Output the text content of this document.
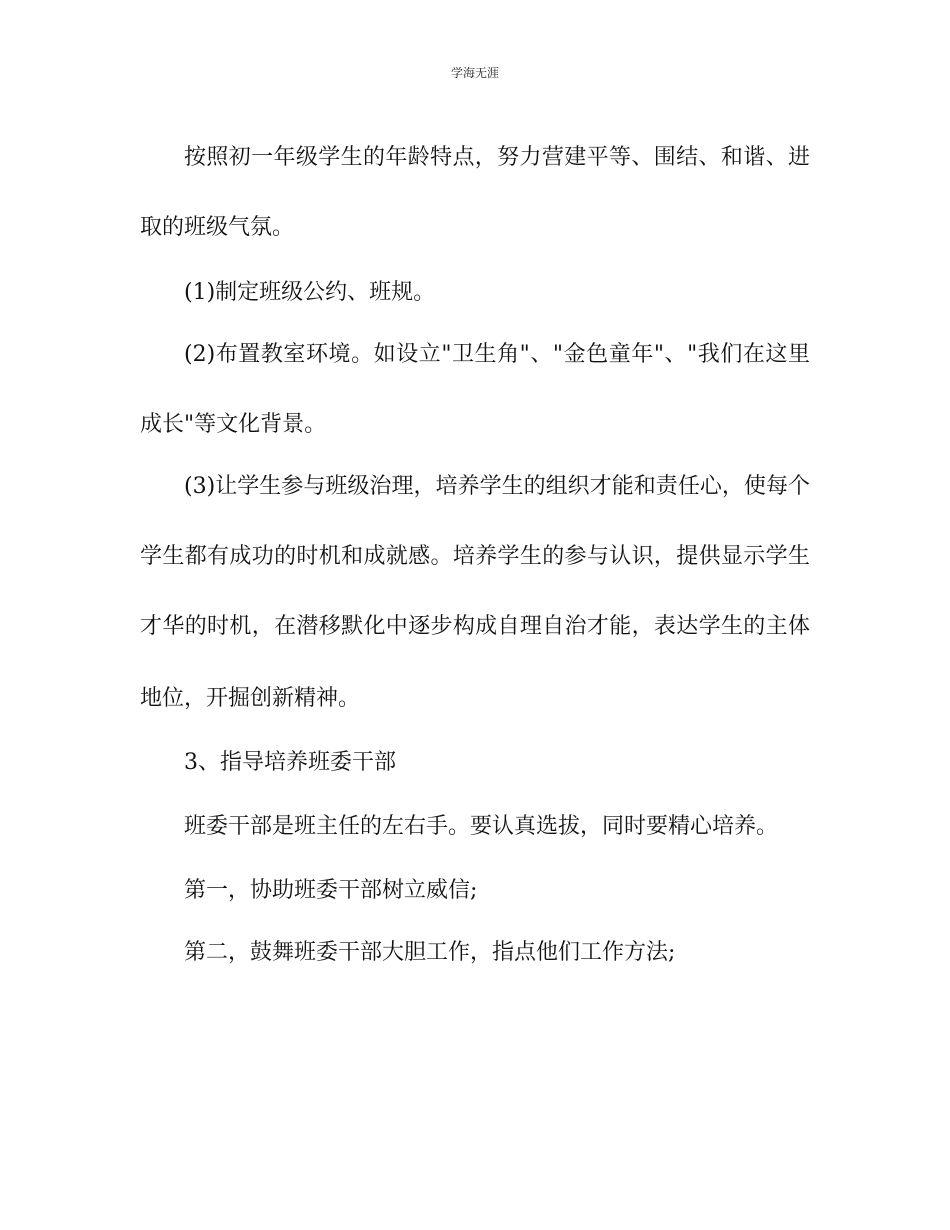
学海无涯
按照初一年级学生的年龄特点，努力营建平等、围结、和谐、进
取的班级气氛。
(1)制定班级公约、班规。
(2)布置教室环境。如设立"卫生角"、"金色童年"、"我们在这里
成长"等文化背景。
(3)让学生参与班级治理，培养学生的组织才能和责任心，使每个
学生都有成功的时机和成就感。培养学生的参与认识，提供显示学生
才华的时机，在潜移默化中逐步构成自理自治才能，表达学生的主体
地位，开掘创新精神。
3、指导培养班委干部
班委干部是班主任的左右手。要认真选拔，同时要精心培养。
第一，协助班委干部树立威信;
第二，鼓舞班委干部大胆工作，指点他们工作方法;
